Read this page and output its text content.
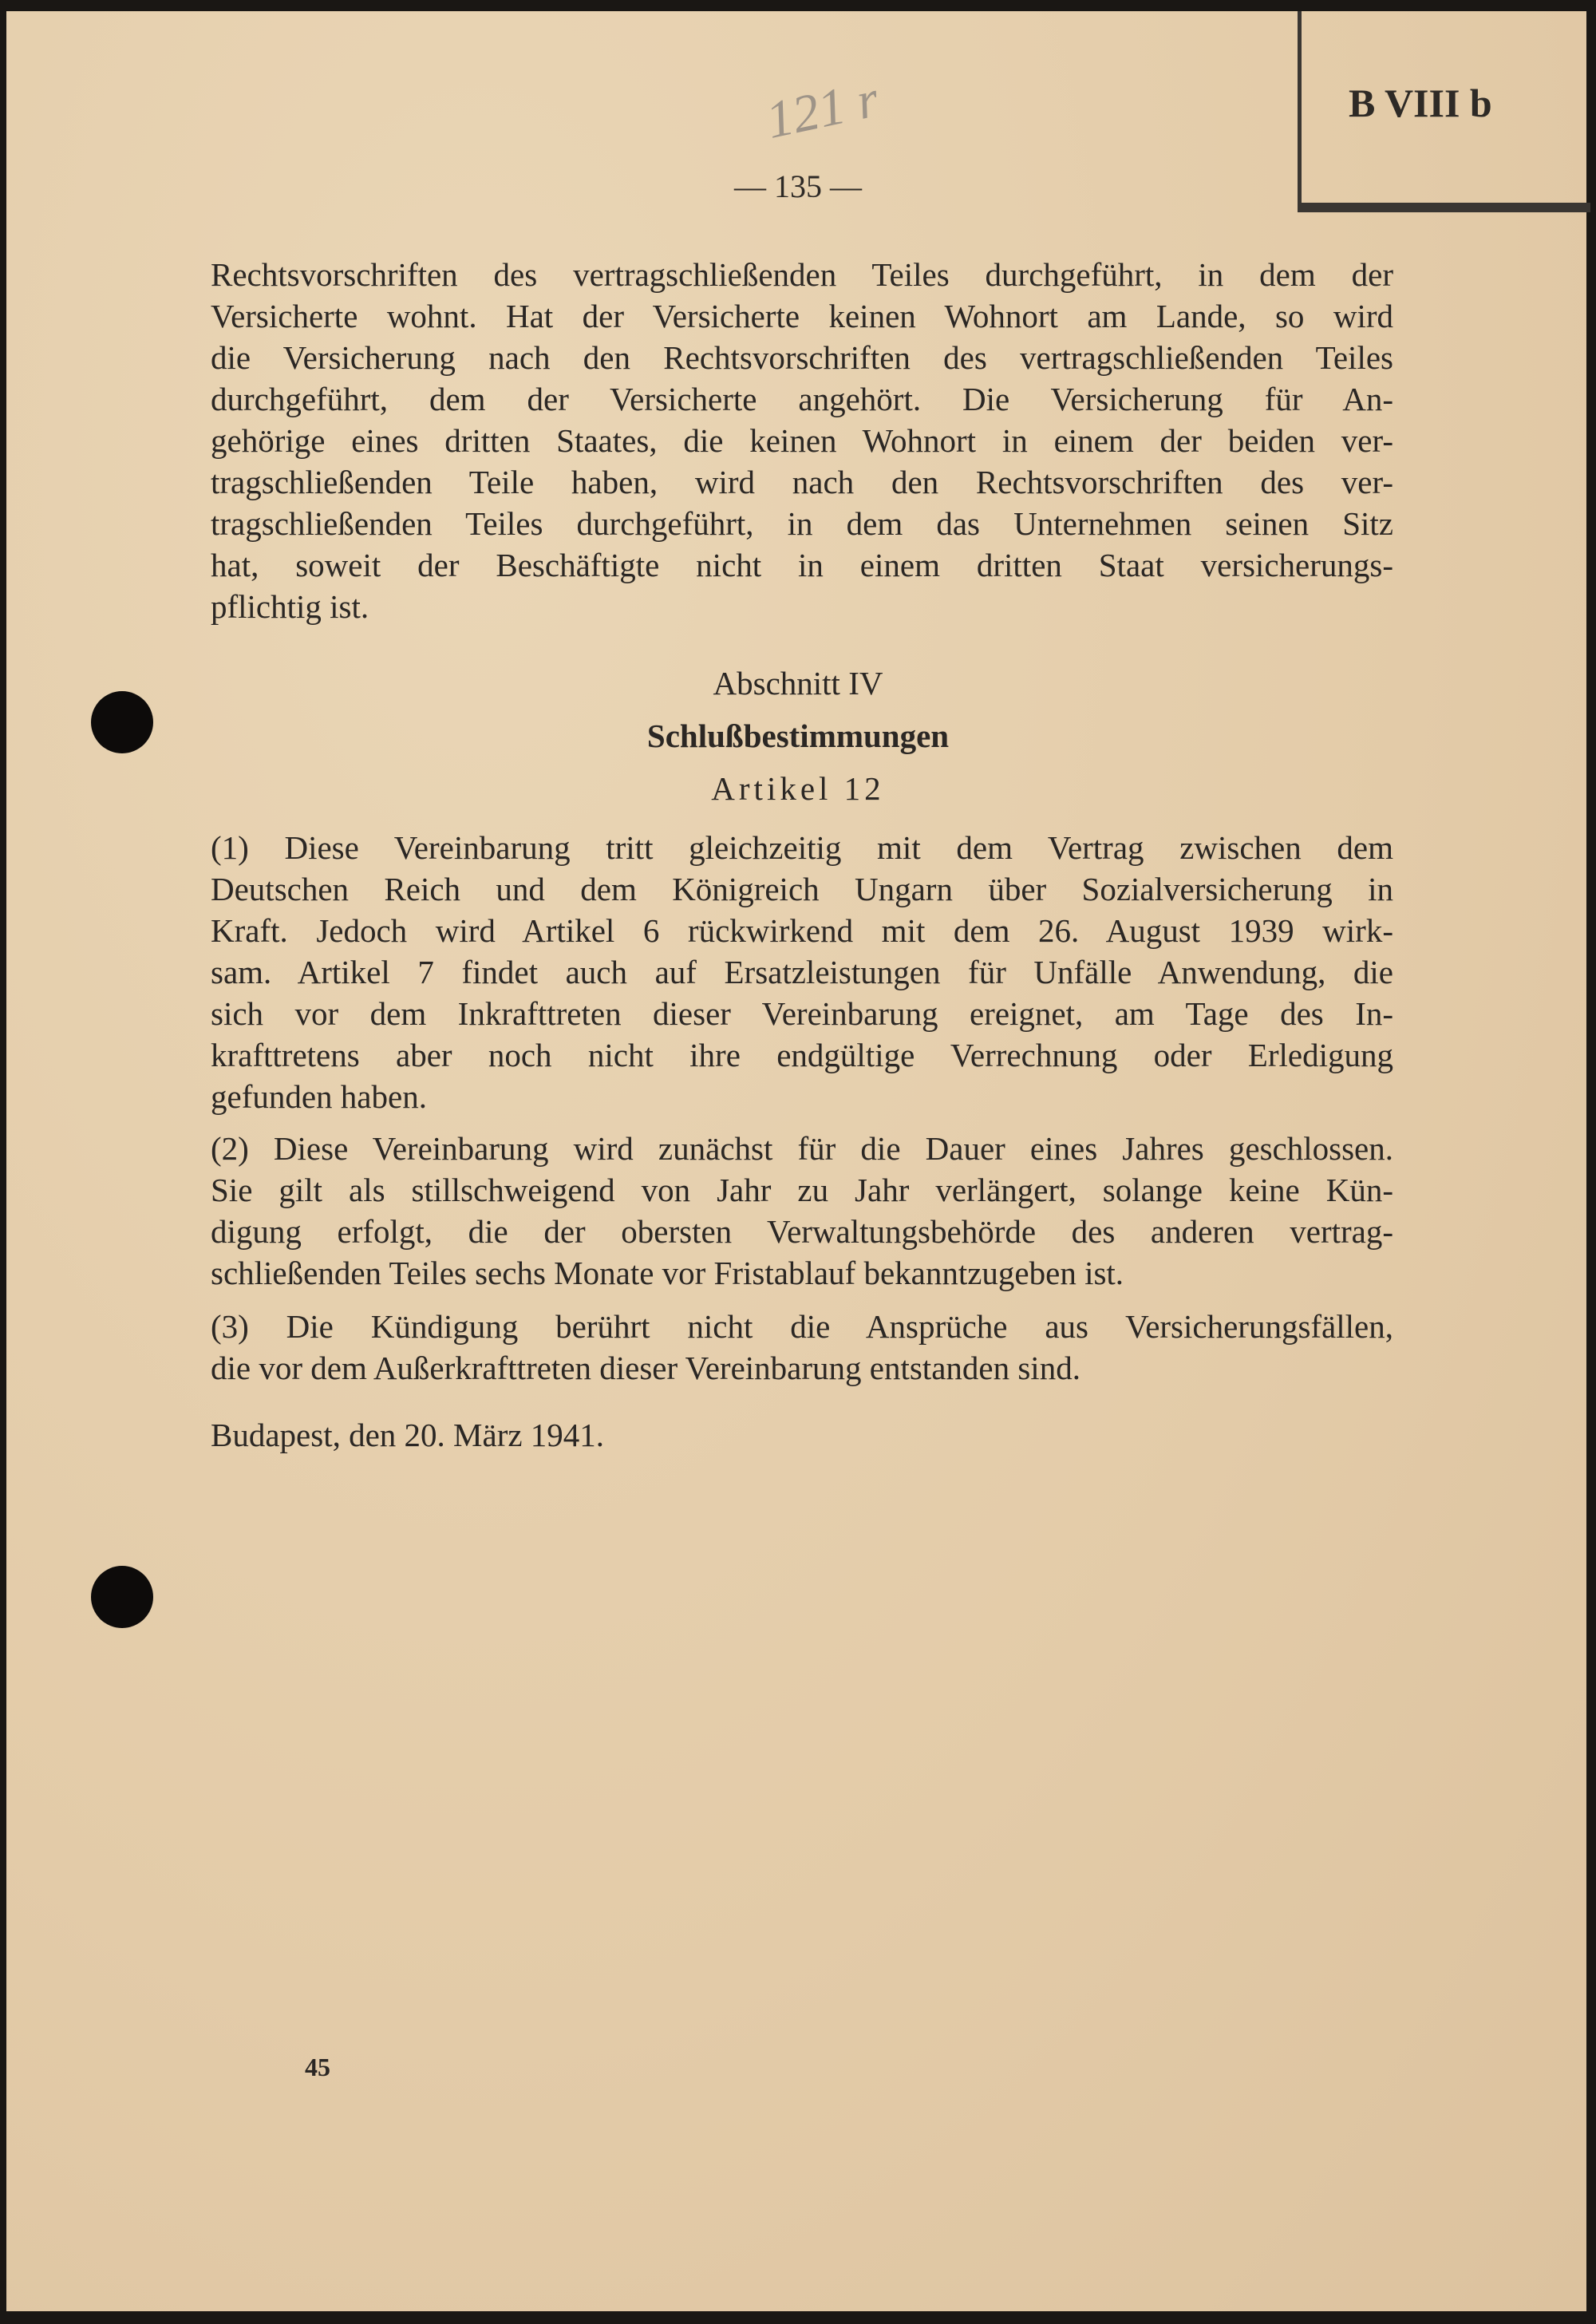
B VIII b
121 r
— 135 —
Rechtsvorschriften des vertragschließenden Teiles durchgeführt, in dem der
Versicherte wohnt. Hat der Versicherte keinen Wohnort am Lande, so wird
die Versicherung nach den Rechtsvorschriften des vertragschließenden Teiles
durchgeführt, dem der Versicherte angehört. Die Versicherung für An-
gehörige eines dritten Staates, die keinen Wohnort in einem der beiden ver-
tragschließenden Teile haben, wird nach den Rechtsvorschriften des ver-
tragschließenden Teiles durchgeführt, in dem das Unternehmen seinen Sitz
hat, soweit der Beschäftigte nicht in einem dritten Staat versicherungs-
pflichtig ist.
Abschnitt IV
Schlußbestimmungen
Artikel 12
(1) Diese Vereinbarung tritt gleichzeitig mit dem Vertrag zwischen dem
Deutschen Reich und dem Königreich Ungarn über Sozialversicherung in
Kraft. Jedoch wird Artikel 6 rückwirkend mit dem 26. August 1939 wirk-
sam. Artikel 7 findet auch auf Ersatzleistungen für Unfälle Anwendung, die
sich vor dem Inkrafttreten dieser Vereinbarung ereignet, am Tage des In-
krafttretens aber noch nicht ihre endgültige Verrechnung oder Erledigung
gefunden haben.
(2) Diese Vereinbarung wird zunächst für die Dauer eines Jahres geschlossen.
Sie gilt als stillschweigend von Jahr zu Jahr verlängert, solange keine Kün-
digung erfolgt, die der obersten Verwaltungsbehörde des anderen vertrag-
schließenden Teiles sechs Monate vor Fristablauf bekanntzugeben ist.
(3) Die Kündigung berührt nicht die Ansprüche aus Versicherungsfällen,
die vor dem Außerkrafttreten dieser Vereinbarung entstanden sind.
Budapest, den 20. März 1941.
45
